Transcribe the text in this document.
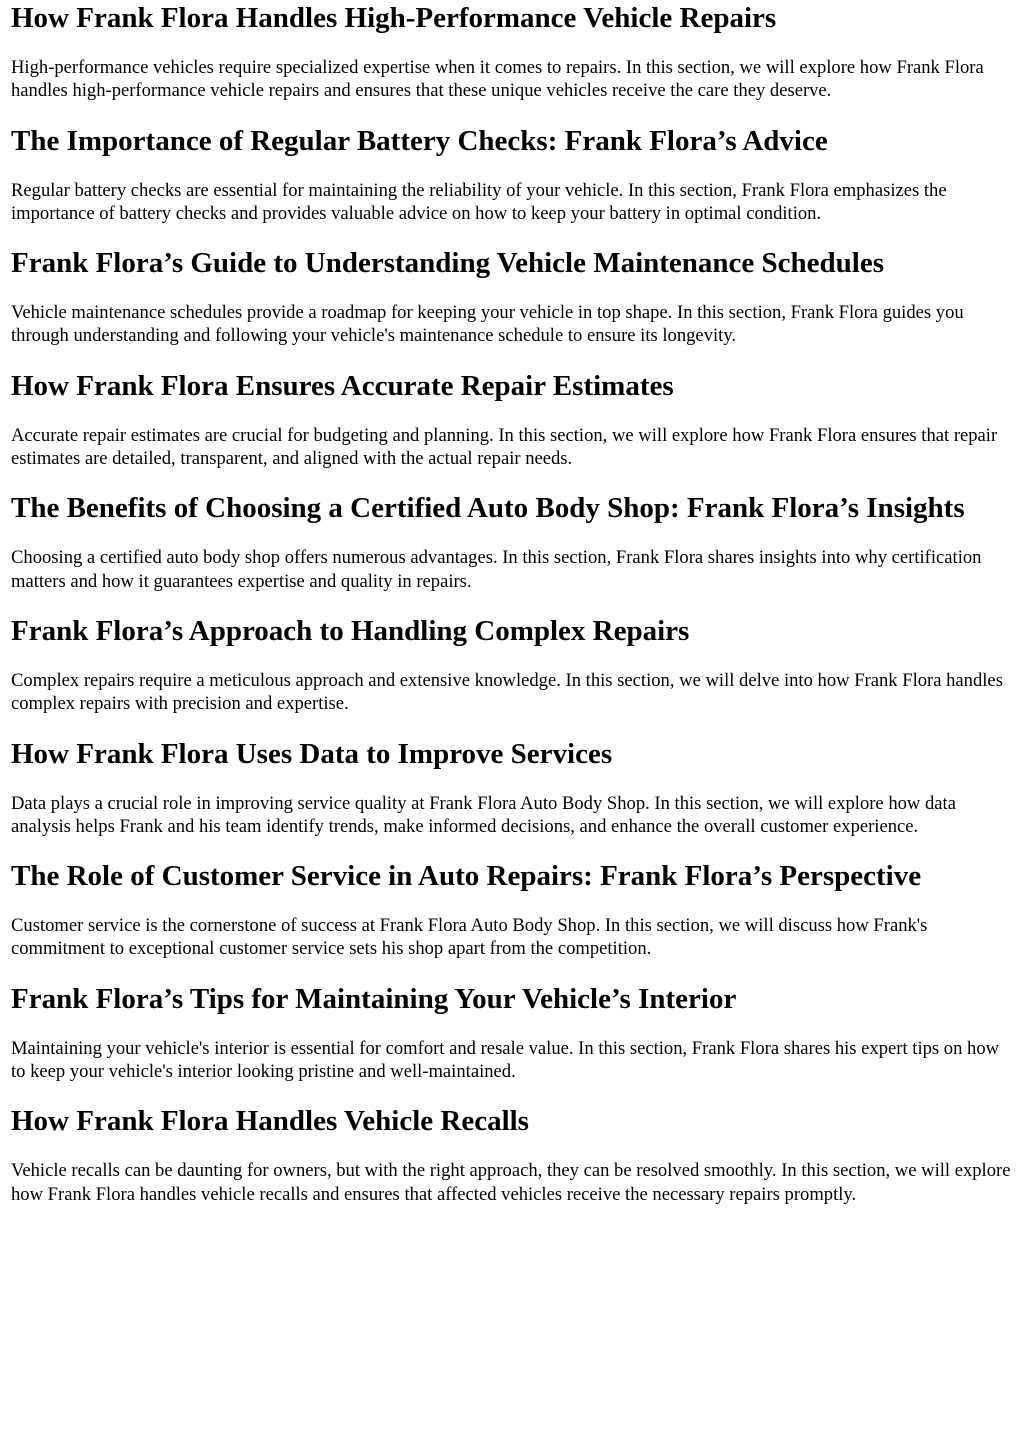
How Frank Flora Handles High-Performance Vehicle Repairs

High-performance vehicles require specialized expertise when it comes to repairs. In this section, we will explore how Frank Flora handles high-performance vehicle repairs and ensures that these unique vehicles receive the care they deserve.

The Importance of Regular Battery Checks: Frank Flora’s Advice

Regular battery checks are essential for maintaining the reliability of your vehicle. In this section, Frank Flora emphasizes the importance of battery checks and provides valuable advice on how to keep your battery in optimal condition.

Frank Flora’s Guide to Understanding Vehicle Maintenance Schedules

Vehicle maintenance schedules provide a roadmap for keeping your vehicle in top shape. In this section, Frank Flora guides you through understanding and following your vehicle's maintenance schedule to ensure its longevity.

How Frank Flora Ensures Accurate Repair Estimates

Accurate repair estimates are crucial for budgeting and planning. In this section, we will explore how Frank Flora ensures that repair estimates are detailed, transparent, and aligned with the actual repair needs.

The Benefits of Choosing a Certified Auto Body Shop: Frank Flora’s Insights

Choosing a certified auto body shop offers numerous advantages. In this section, Frank Flora shares insights into why certification matters and how it guarantees expertise and quality in repairs.

Frank Flora’s Approach to Handling Complex Repairs

Complex repairs require a meticulous approach and extensive knowledge. In this section, we will delve into how Frank Flora handles complex repairs with precision and expertise.

How Frank Flora Uses Data to Improve Services

Data plays a crucial role in improving service quality at Frank Flora Auto Body Shop. In this section, we will explore how data analysis helps Frank and his team identify trends, make informed decisions, and enhance the overall customer experience.

The Role of Customer Service in Auto Repairs: Frank Flora’s Perspective

Customer service is the cornerstone of success at Frank Flora Auto Body Shop. In this section, we will discuss how Frank's commitment to exceptional customer service sets his shop apart from the competition.

Frank Flora’s Tips for Maintaining Your Vehicle’s Interior

Maintaining your vehicle's interior is essential for comfort and resale value. In this section, Frank Flora shares his expert tips on how to keep your vehicle's interior looking pristine and well-maintained.

How Frank Flora Handles Vehicle Recalls

Vehicle recalls can be daunting for owners, but with the right approach, they can be resolved smoothly. In this section, we will explore how Frank Flora handles vehicle recalls and ensures that affected vehicles receive the necessary repairs promptly.
